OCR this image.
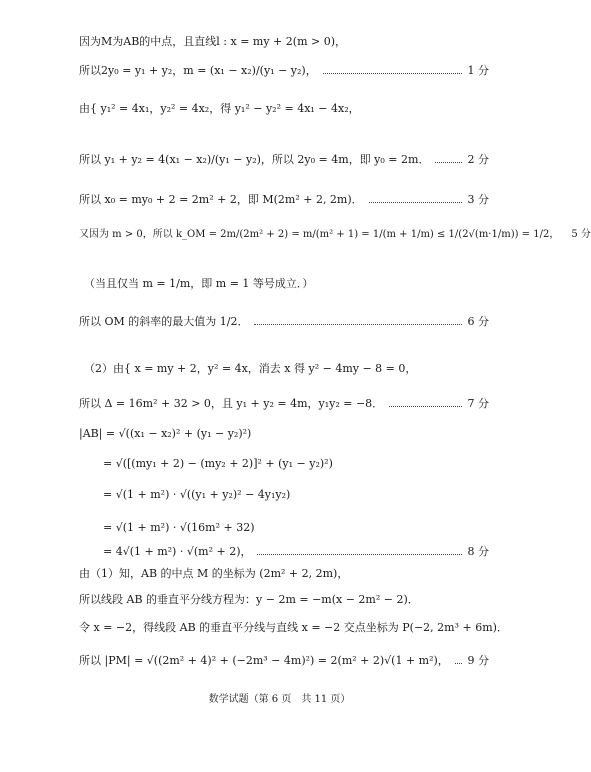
因为M为AB的中点，且直线l : x = my + 2(m > 0)，
所以2y₀ = y₁ + y₂，m = (x₁ − x₂)/(y₁ − y₂)，	1 分
由{ y₁² = 4x₁，y₂² = 4x₂，得 y₁² − y₂² = 4x₁ − 4x₂，
所以 y₁ + y₂ = 4(x₁ − x₂)/(y₁ − y₂)，所以 2y₀ = 4m，即 y₀ = 2m．	2 分
所以 x₀ = my₀ + 2 = 2m² + 2，即 M(2m² + 2, 2m)．	3 分
又因为 m > 0，所以 k_OM = 2m/(2m² + 2) = m/(m² + 1) = 1/(m + 1/m) ≤ 1/(2√(m·1/m)) = 1/2， 5 分
（当且仅当 m = 1/m，即 m = 1 等号成立．）
所以 OM 的斜率的最大值为 1/2．	6 分
（2）由{ x = my + 2，y² = 4x，消去 x 得 y² − 4my − 8 = 0，
所以 Δ = 16m² + 32 > 0，且 y₁ + y₂ = 4m，y₁y₂ = −8．	7 分
|AB| = √((x₁ − x₂)² + (y₁ − y₂)²)
= √([(my₁ + 2) − (my₂ + 2)]² + (y₁ − y₂)²)
= √(1 + m²) · √((y₁ + y₂)² − 4y₁y₂)
= √(1 + m²) · √(16m² + 32)
= 4√(1 + m²) · √(m² + 2)，	8 分
由（1）知，AB 的中点 M 的坐标为 (2m² + 2, 2m)，
所以线段 AB 的垂直平分线方程为：y − 2m = −m(x − 2m² − 2)．
令 x = −2，得线段 AB 的垂直平分线与直线 x = −2 交点坐标为 P(−2, 2m³ + 6m)．
所以 |PM| = √((2m² + 4)² + (−2m³ − 4m)²) = 2(m² + 2)√(1 + m²)， 9 分
数学试题（第 6 页　共 11 页）
